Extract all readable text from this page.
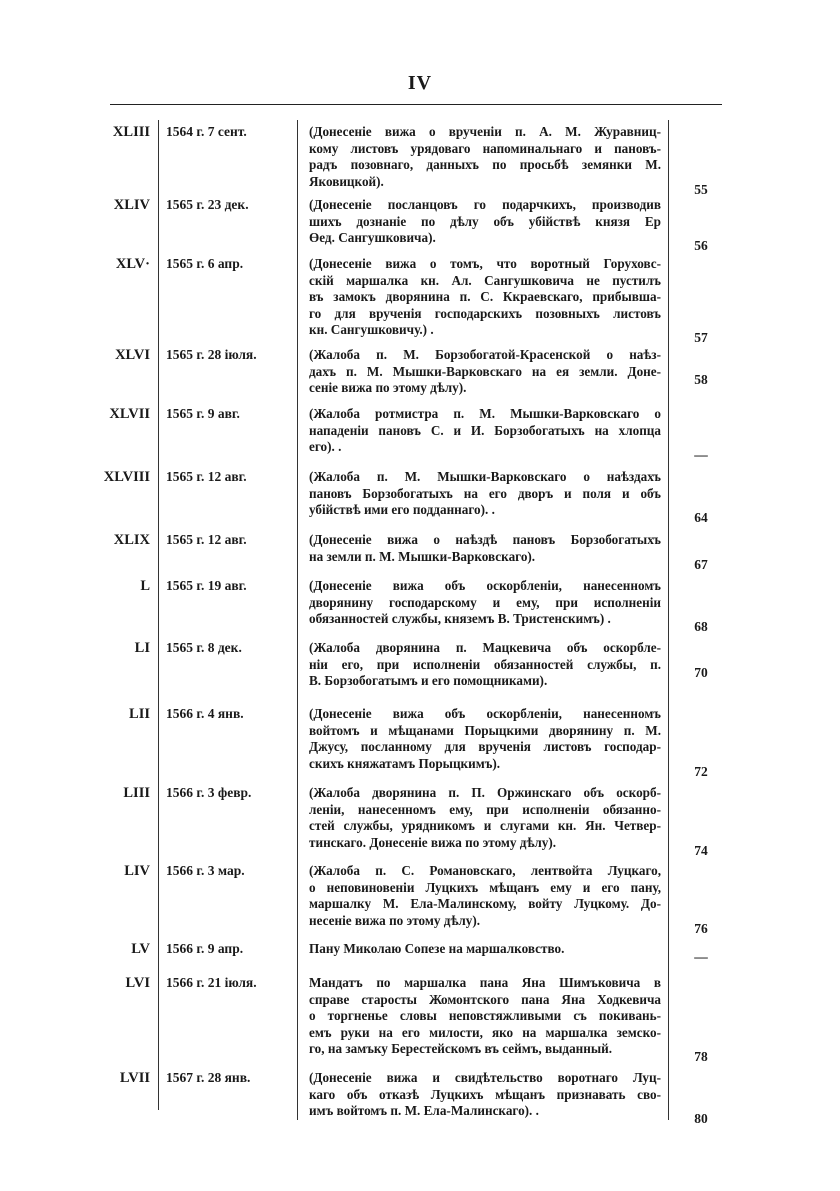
IV
XLIII 1564 г. 7 сент.	(Донесеніе вижа о врученіи п. А. М. Журавниц-
кому листовъ урядоваго напоминальнаго и пановъ-
радъ позовнаго, данныхъ по просьбѣ земянки М.
Яковицкой).
55
XLIV 1565 г. 23 дек.	(Донесеніе посланцовъ го подарчкихъ, производив
шихъ дознаніе по дѣлу объ убійствѣ князя Ер
Өед. Сангушковича).
56
XLV· 1565 г. 6 апр.	(Донесеніе вижа о томъ, что воротный Горуховс-
скій маршалка кн. Ал. Сангушковича не пустилъ
въ замокъ дворянина п. С. Ккраевскаго, прибывша-
го для врученія господарскихъ позовныхъ листовъ
кн. Сангушковичу.) .
57
XLVI 1565 г. 28 іюля.	(Жалоба п. М. Борзобогатой-Красенской о наѣз-
дахъ п. М. Мышки-Варковскаго на ея земли. Доне-
сеніе вижа по этому дѣлу).
58
XLVII 1565 г. 9 авг.	(Жалоба ротмистра п. М. Мышки-Варковскаго о
нападеніи пановъ С. и И. Борзобогатыхъ на хлопца
его). .
—
XLVIII 1565 г. 12 авг.	(Жалоба п. М. Мышки-Варковскаго о наѣздахъ
пановъ Борзобогатыхъ на его дворъ и поля и объ
убійствѣ ими его подданнаго). .
64
XLIX 1565 г. 12 авг.	(Донесеніе вижа о наѣздѣ пановъ Борзобогатыхъ
на земли п. М. Мышки-Варковскаго).
67
L 1565 г. 19 авг.	(Донесеніе вижа объ оскорбленіи, нанесенномъ
дворянину господарскому и ему, при исполненіи
обязанностей службы, княземъ В. Тристенскимъ) .
68
LI 1565 г. 8 дек.	(Жалоба дворянина п. Мацкевича объ оскорбле-
ніи его, при исполненіи обязанностей службы, п.
В. Борзобогатымъ и его помощниками).
70
LII 1566 г. 4 янв.	(Донесеніе вижа объ оскорбленіи, нанесенномъ
войтомъ и мѣщанами Порыцкими дворянину п. М.
Джусу, посланному для врученія листовъ господар-
скихъ княжатамъ Порыцкимъ).
72
LIII 1566 г. 3 февр.	(Жалоба дворянина п. П. Оржинскаго объ оскорб-
леніи, нанесенномъ ему, при исполненіи обязанно-
стей службы, урядникомъ и слугами кн. Ян. Четвер-
тинскаго. Донесеніе вижа по этому дѣлу).
74
LIV 1566 г. 3 мар.	(Жалоба п. С. Романовскаго, лентвойта Луцкаго,
о неповиновеніи Луцкихъ мѣщанъ ему и его пану,
маршалку М. Ела-Малинскому, войту Луцкому. До-
несеніе вижа по этому дѣлу).
76
LV 1566 г. 9 апр.	Пану Миколаю Сопезе на маршалковство.
—
LVI 1566 г. 21 іюля.	Мандатъ по маршалка пана Яна Шимъковича в
справе старосты Жомонтского пана Яна Ходкевича
о торгненье словы неповстяжливыми съ покивань-
емъ руки на его милости, яко на маршалка земско-
го, на замъку Берестейскомъ въ сеймъ, выданный.
78
LVII 1567 г. 28 янв.	(Донесеніе вижа и свидѣтельство воротнаго Луц-
каго объ отказѣ Луцкихъ мѣщанъ признавать сво-
имъ войтомъ п. М. Ела-Малинскаго). .
80
